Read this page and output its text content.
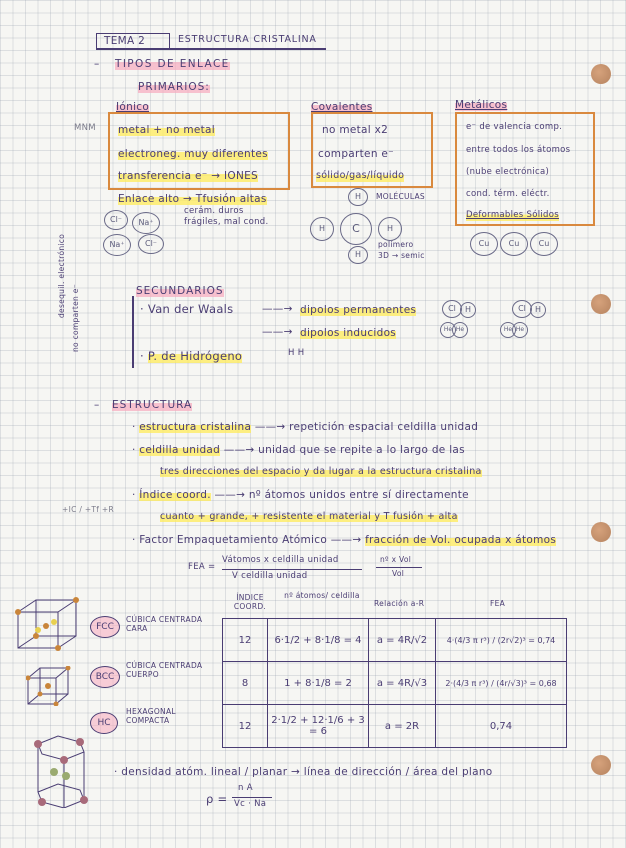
TEMA 2	ESTRUCTURA CRISTALINA
MNM
– TIPOS DE ENLACE
PRIMARIOS:
Iónico
metal + no metal
electroneg. muy diferentes
transferencia e⁻ → IONES
Enlace alto → Tfusión altas
cerám. duros
frágiles, mal cond.
Cl⁻	Na⁺
Na⁺	Cl⁻
Covalentes
no metal x2
comparten e⁻
sólido/gas/líquido
H
H	C	H
H
MOLÉCULAS
polímero
3D → semic
Metálicos
e⁻ de valencia comp.
entre todos los átomos
(nube electrónica)
cond. térm. eléctr.
Deformables Sólidos
Cu	Cu	Cu
desequil. electrónico
no comparten e⁻	SECUNDARIOS
· Van der Waals
· P. de Hidrógeno
——→ dipolos permanentes
——→ dipolos inducidos
H H
Cl	H	Cl	H
He He	He He
– ESTRUCTURA
· estructura cristalina ——→ repetición espacial celdilla unidad
· celdilla unidad ——→ unidad que se repite a lo largo de las
tres direcciones del espacio y da lugar a la estructura cristalina
· Índice coord. ——→ nº átomos unidos entre sí directamente
cuanto + grande, + resistente el material y T fusión + alta
· Factor Empaquetamiento Atómico ——→ fracción de Vol. ocupada x átomos
+IC / +Tf +R
FEA =
Vátomos x celdilla unidad
V celdilla unidad
nº x Vol
Vol
ÍNDICE COORD.
nº átomos/ celdilla
Relación a-R	FEA
12	6·1/2 + 8·1/8 = 4	a = 4R/√2	4·(4/3 π r³) / (2r√2)³ = 0,74
8	1 + 8·1/8 = 2	a = 4R/√3	2·(4/3 π r³) / (4r/√3)³ = 0,68
12	2·1/2 + 12·1/6 + 3 = 6	a = 2R	0,74
FCC
CÚBICA CENTRADA CARA
BCC
CÚBICA CENTRADA CUERPO
HC
HEXAGONAL COMPACTA
· densidad atóm. lineal / planar → línea de dirección / área del plano
ρ =
n A
Vc · Na
